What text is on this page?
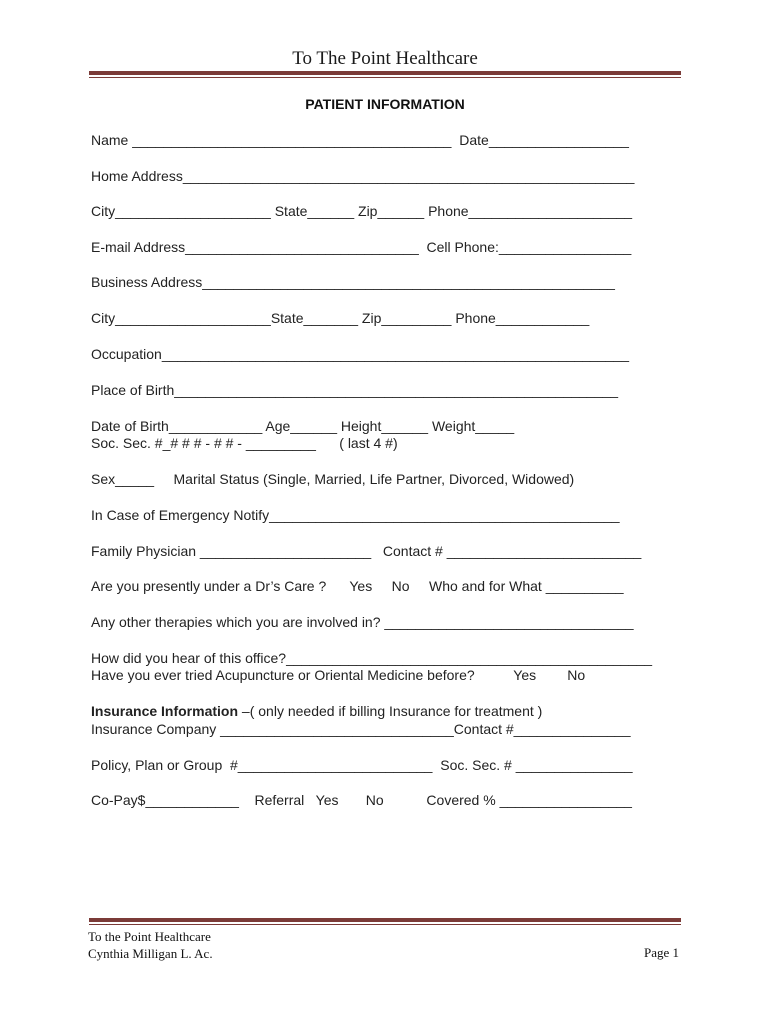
To The Point Healthcare
PATIENT INFORMATION
Name _________________________________________  Date__________________
Home Address__________________________________________________________
City____________________ State______ Zip______ Phone_____________________
E-mail Address______________________________  Cell Phone:_________________
Business Address_____________________________________________________
City____________________State_______ Zip_________ Phone____________
Occupation____________________________________________________________
Place of Birth_________________________________________________________
Date of Birth____________ Age______ Height______ Weight_____
Soc. Sec. #_# # # - # # - _________      ( last 4 #)
Sex_____     Marital Status (Single, Married, Life Partner, Divorced, Widowed)
In Case of Emergency Notify_____________________________________________
Family Physician ______________________   Contact # _________________________
Are you presently under a Dr’s Care ?      Yes     No     Who and for What __________
Any other therapies which you are involved in? ________________________________
How did you hear of this office?_______________________________________________
Have you ever tried Acupuncture or Oriental Medicine before?          Yes        No
Insurance Information –( only needed if billing Insurance for treatment )
Insurance Company ______________________________Contact #_______________
Policy, Plan or Group  #_________________________  Soc. Sec. # _______________
Co-Pay$____________    Referral   Yes       No           Covered % _________________
To the Point Healthcare
Cynthia Milligan L. Ac.	Page 1
